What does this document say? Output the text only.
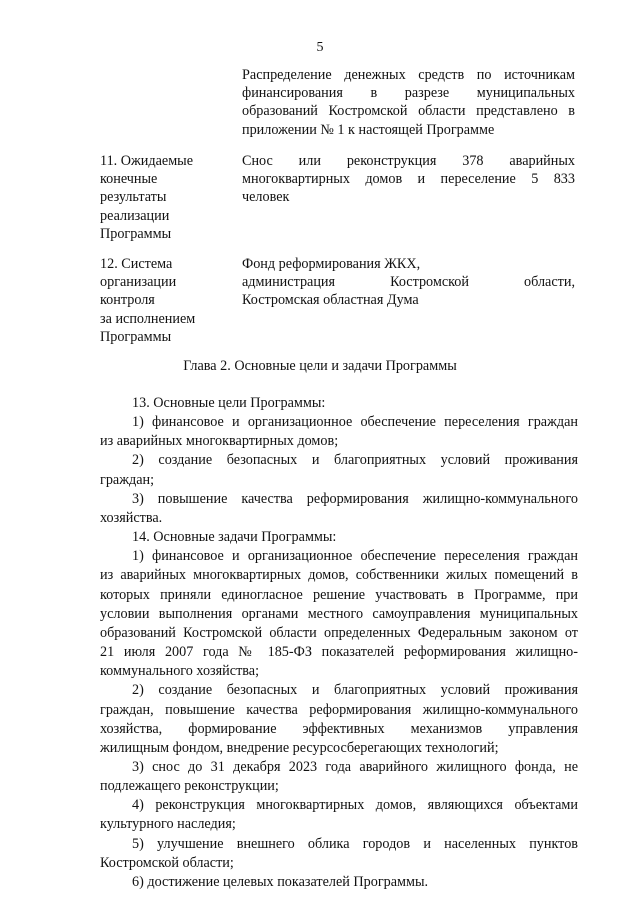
5
Распределение денежных средств по источникам
финансирования в разрезе муниципальных
образований Костромской области представлено в
приложении № 1 к настоящей Программе
11. Ожидаемые
конечные
результаты
реализации
Программы
Снос или реконструкция 378 аварийных
многоквартирных домов и переселение 5 833
человек
12. Система
организации
контроля
за исполнением
Программы
Фонд реформирования ЖКХ,
администрация Костромской области,
Костромская областная Дума
Глава 2. Основные цели и задачи Программы
13. Основные цели Программы:
1) финансовое и организационное обеспечение переселения граждан
из аварийных многоквартирных домов;
2) создание безопасных и благоприятных условий проживания
граждан;
3) повышение качества реформирования жилищно-коммунального
хозяйства.
14. Основные задачи Программы:
1) финансовое и организационное обеспечение переселения граждан
из аварийных многоквартирных домов, собственники жилых помещений в
которых приняли единогласное решение участвовать в Программе, при
условии выполнения органами местного самоуправления муниципальных
образований Костромской области определенных Федеральным законом от
21 июля 2007 года № 185-ФЗ показателей реформирования жилищно-
коммунального хозяйства;
2) создание безопасных и благоприятных условий проживания
граждан, повышение качества реформирования жилищно-коммунального
хозяйства, формирование эффективных механизмов управления
жилищным фондом, внедрение ресурсосберегающих технологий;
3) снос до 31 декабря 2023 года аварийного жилищного фонда, не
подлежащего реконструкции;
4) реконструкция многоквартирных домов, являющихся объектами
культурного наследия;
5) улучшение внешнего облика городов и населенных пунктов
Костромской области;
6) достижение целевых показателей Программы.
